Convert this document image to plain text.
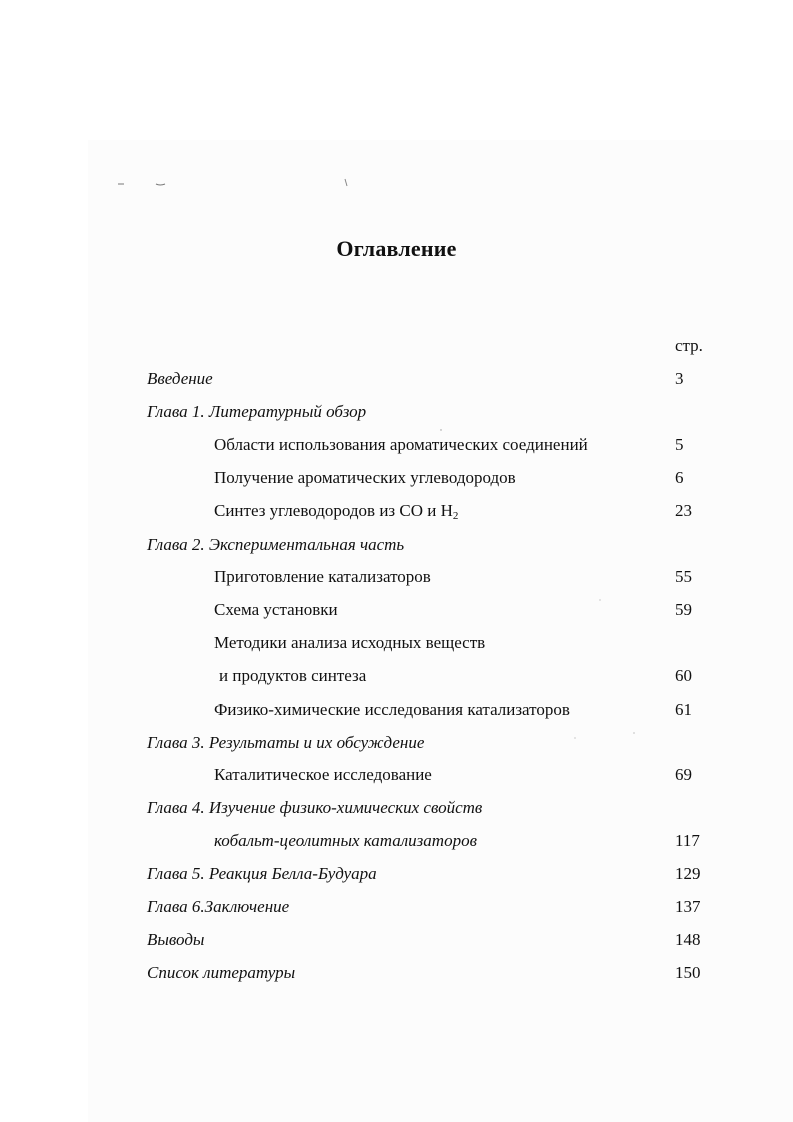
Оглавление
стр.
Введение	3
Глава 1. Литературный обзор
Области использования ароматических соединений	5
Получение ароматических углеводородов	6
Синтез углеводородов из СО и $Н_2$	23
Глава 2. Экспериментальная часть
Приготовление катализаторов	55
Схема установки	59
Методики анализа исходных веществ
и продуктов синтеза	60
Физико-химические исследования катализаторов	61
Глава 3. Результаты и их обсуждение
Каталитическое исследование	69
Глава 4. Изучение физико-химических свойств
кобальт-цеолитных катализаторов	117
Глава 5. Реакция Белла-Будуара	129
Глава 6.Заключение	137
Выводы	148
Список литературы	150
